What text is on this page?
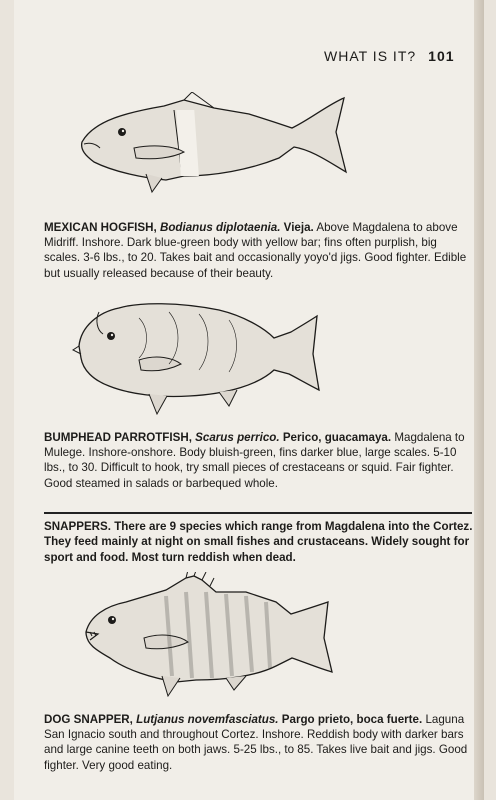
WHAT IS IT? 101
MEXICAN HOGFISH, Bodianus diplotaenia. Vieja. Above Magdalena to above Midriff. Inshore. Dark blue-green body with yellow bar; fins often purplish, big scales. 3-6 lbs., to 20. Takes bait and occasionally yoyo'd jigs. Good fighter. Edible but usually released because of their beauty.
BUMPHEAD PARROTFISH, Scarus perrico. Perico, guacamaya. Magdalena to Mulege. Inshore-onshore. Body bluish-green, fins darker blue, large scales. 5-10 lbs., to 30. Difficult to hook, try small pieces of crestaceans or squid. Fair fighter. Good steamed in salads or barbequed whole.
SNAPPERS. There are 9 species which range from Magdalena into the Cortez. They feed mainly at night on small fishes and crustaceans. Widely sought for sport and food. Most turn reddish when dead.
DOG SNAPPER, Lutjanus novemfasciatus. Pargo prieto, boca fuerte. Laguna San Ignacio south and throughout Cortez. Inshore. Reddish body with darker bars and large canine teeth on both jaws. 5-25 lbs., to 85. Takes live bait and jigs. Good fighter. Very good eating.
